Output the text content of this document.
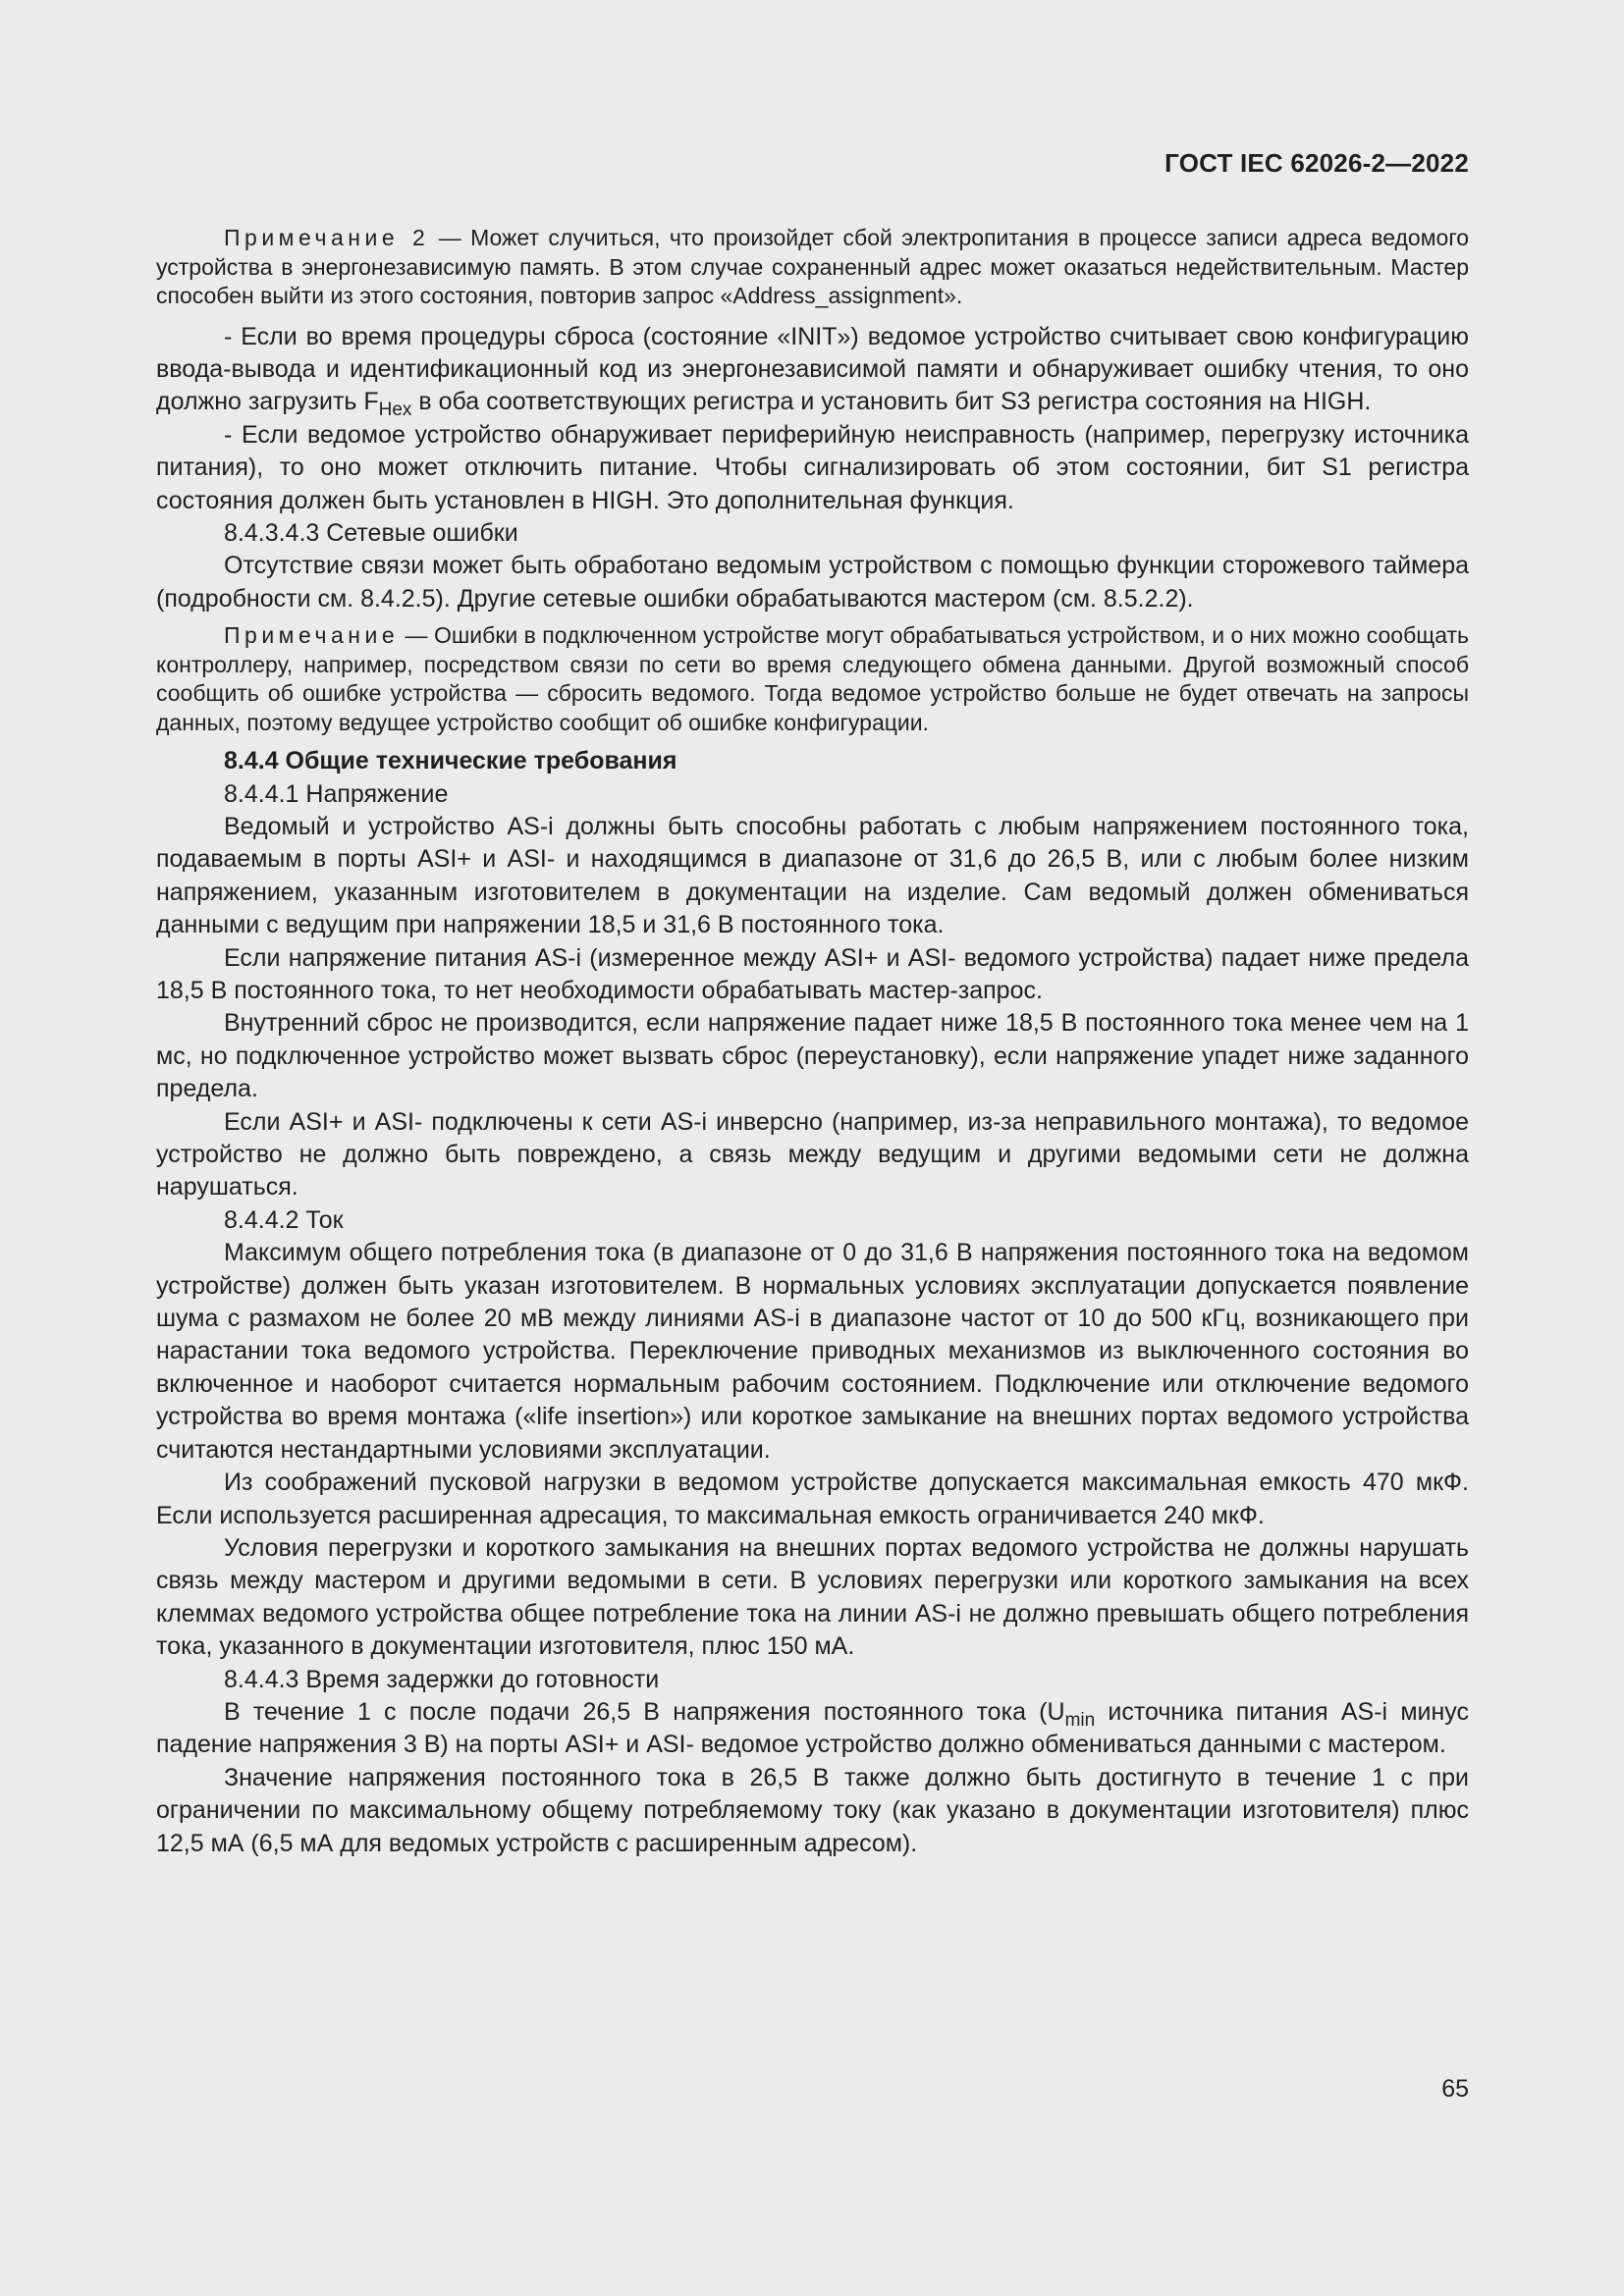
ГОСТ IEC 62026-2—2022

Примечание 2 — Может случиться, что произойдет сбой электропитания в процессе записи адреса ведомого устройства в энергонезависимую память. В этом случае сохраненный адрес может оказаться недействительным. Мастер способен выйти из этого состояния, повторив запрос «Address_assignment».

- Если во время процедуры сброса (состояние «INIT») ведомое устройство считывает свою конфигурацию ввода-вывода и идентификационный код из энергонезависимой памяти и обнаруживает ошибку чтения, то оно должно загрузить $F_{Hex}$ в оба соответствующих регистра и установить бит S3 регистра состояния на HIGH.

- Если ведомое устройство обнаруживает периферийную неисправность (например, перегрузку источника питания), то оно может отключить питание. Чтобы сигнализировать об этом состоянии, бит S1 регистра состояния должен быть установлен в HIGH. Это дополнительная функция.

8.4.3.4.3 Сетевые ошибки

Отсутствие связи может быть обработано ведомым устройством с помощью функции сторожевого таймера (подробности см. 8.4.2.5). Другие сетевые ошибки обрабатываются мастером (см. 8.5.2.2).

Примечание — Ошибки в подключенном устройстве могут обрабатываться устройством, и о них можно сообщать контроллеру, например, посредством связи по сети во время следующего обмена данными. Другой возможный способ сообщить об ошибке устройства — сбросить ведомого. Тогда ведомое устройство больше не будет отвечать на запросы данных, поэтому ведущее устройство сообщит об ошибке конфигурации.

8.4.4 Общие технические требования

8.4.4.1 Напряжение

Ведомый и устройство AS-i должны быть способны работать с любым напряжением постоянного тока, подаваемым в порты ASI+ и ASI- и находящимся в диапазоне от 31,6 до 26,5 В, или с любым более низким напряжением, указанным изготовителем в документации на изделие. Сам ведомый должен обмениваться данными с ведущим при напряжении 18,5 и 31,6 В постоянного тока.

Если напряжение питания AS-i (измеренное между ASI+ и ASI- ведомого устройства) падает ниже предела 18,5 В постоянного тока, то нет необходимости обрабатывать мастер-запрос.

Внутренний сброс не производится, если напряжение падает ниже 18,5 В постоянного тока менее чем на 1 мс, но подключенное устройство может вызвать сброс (переустановку), если напряжение упадет ниже заданного предела.

Если ASI+ и ASI- подключены к сети AS-i инверсно (например, из-за неправильного монтажа), то ведомое устройство не должно быть повреждено, а связь между ведущим и другими ведомыми сети не должна нарушаться.

8.4.4.2 Ток

Максимум общего потребления тока (в диапазоне от 0 до 31,6 В напряжения постоянного тока на ведомом устройстве) должен быть указан изготовителем. В нормальных условиях эксплуатации допускается появление шума с размахом не более 20 мВ между линиями AS-i в диапазоне частот от 10 до 500 кГц, возникающего при нарастании тока ведомого устройства. Переключение приводных механизмов из выключенного состояния во включенное и наоборот считается нормальным рабочим состоянием. Подключение или отключение ведомого устройства во время монтажа («life insertion») или короткое замыкание на внешних портах ведомого устройства считаются нестандартными условиями эксплуатации.

Из соображений пусковой нагрузки в ведомом устройстве допускается максимальная емкость 470 мкФ. Если используется расширенная адресация, то максимальная емкость ограничивается 240 мкФ.

Условия перегрузки и короткого замыкания на внешних портах ведомого устройства не должны нарушать связь между мастером и другими ведомыми в сети. В условиях перегрузки или короткого замыкания на всех клеммах ведомого устройства общее потребление тока на линии AS-i не должно превышать общего потребления тока, указанного в документации изготовителя, плюс 150 мА.

8.4.4.3 Время задержки до готовности

В течение 1 с после подачи 26,5 В напряжения постоянного тока ($U_{min}$ источника питания AS-i минус падение напряжения 3 В) на порты ASI+ и ASI- ведомое устройство должно обмениваться данными с мастером.

Значение напряжения постоянного тока в 26,5 В также должно быть достигнуто в течение 1 с при ограничении по максимальному общему потребляемому току (как указано в документации изготовителя) плюс 12,5 мА (6,5 мА для ведомых устройств с расширенным адресом).

65
